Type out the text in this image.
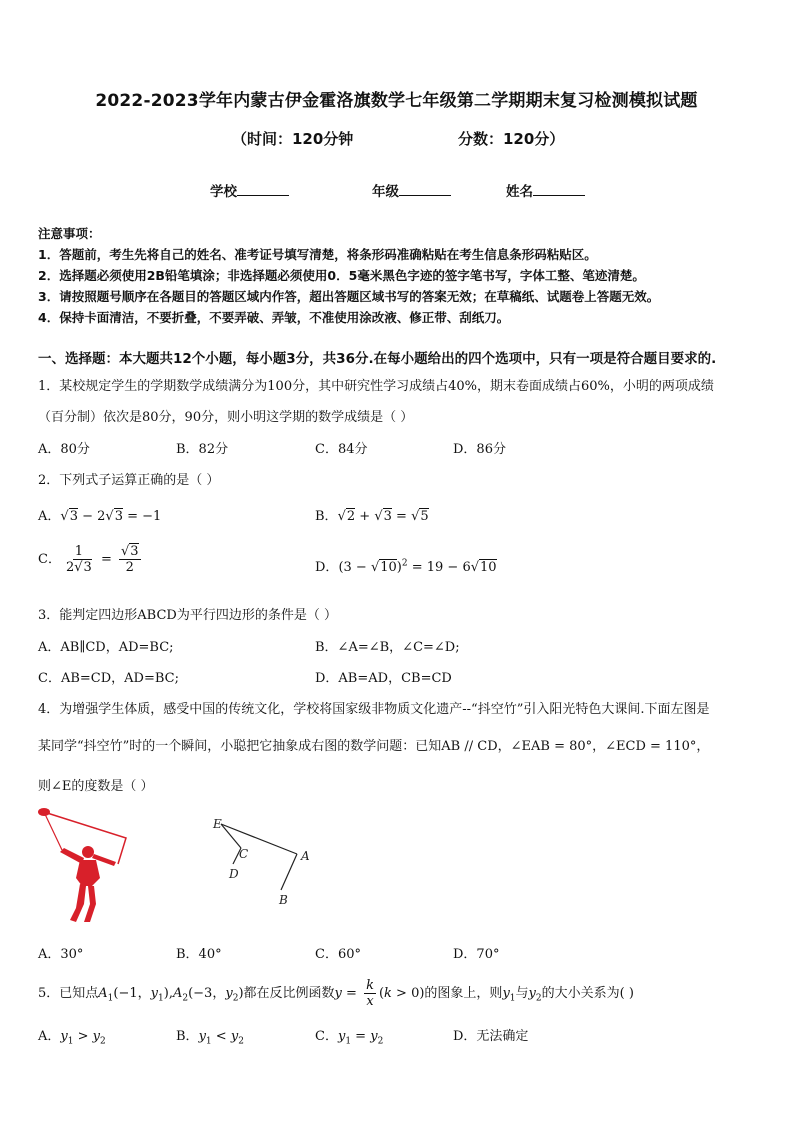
2022-2023学年内蒙古伊金霍洛旗数学七年级第二学期期末复习检测模拟试题
（时间：120分钟	分数：120分）
学校	年级	姓名
注意事项：
1．答题前，考生先将自己的姓名、准考证号填写清楚，将条形码准确粘贴在考生信息条形码粘贴区。
2．选择题必须使用2B铅笔填涂；非选择题必须使用0．5毫米黑色字迹的签字笔书写，字体工整、笔迹清楚。
3．请按照题号顺序在各题目的答题区域内作答，超出答题区域书写的答案无效；在草稿纸、试题卷上答题无效。
4．保持卡面清洁，不要折叠，不要弄破、弄皱，不准使用涂改液、修正带、刮纸刀。
一、选择题：本大题共12个小题，每小题3分，共36分.在每小题给出的四个选项中，只有一项是符合题目要求的.
1．某校规定学生的学期数学成绩满分为100分，其中研究性学习成绩占40%，期末卷面成绩占60%，小明的两项成绩
（百分制）依次是80分，90分，则小明这学期的数学成绩是（ ）
A．80分	B．82分	C．84分	D．86分
2．下列式子运算正确的是（ ）
A．√3 − 2√3 = −1	B．√2 + √3 = √5
C． $\frac{1}{2√3} = \frac{√3}{2}$	D．$(3 - √10)^2 = 19 - 6√10$
3．能判定四边形ABCD为平行四边形的条件是（ ）
A．AB∥CD，AD=BC;	B．∠A=∠B，∠C=∠D;
C．AB=CD，AD=BC;	D．AB=AD，CB=CD
4．为增强学生体质，感受中国的传统文化，学校将国家级非物质文化遗产--“抖空竹”引入阳光特色大课间.下面左图是
某同学“抖空竹”时的一个瞬间，小聪把它抽象成右图的数学问题：已知AB // CD，∠EAB = 80°，∠ECD = 110°，
则∠E的度数是（ ）
E
C
D
A
B
A．30°	B．40°	C．60°	D．70°
5．已知点$A_1(-1$，$y_1),A_2(-3$，$y_2$)都在反比例函数$y = \frac{k}{x} (k > 0)$的图象上，则$y_1$与$y_2$的大小关系为( )
A．$y_1 > y_2$	B．$y_1 < y_2$	C．$y_1 = y_2$	D．无法确定
